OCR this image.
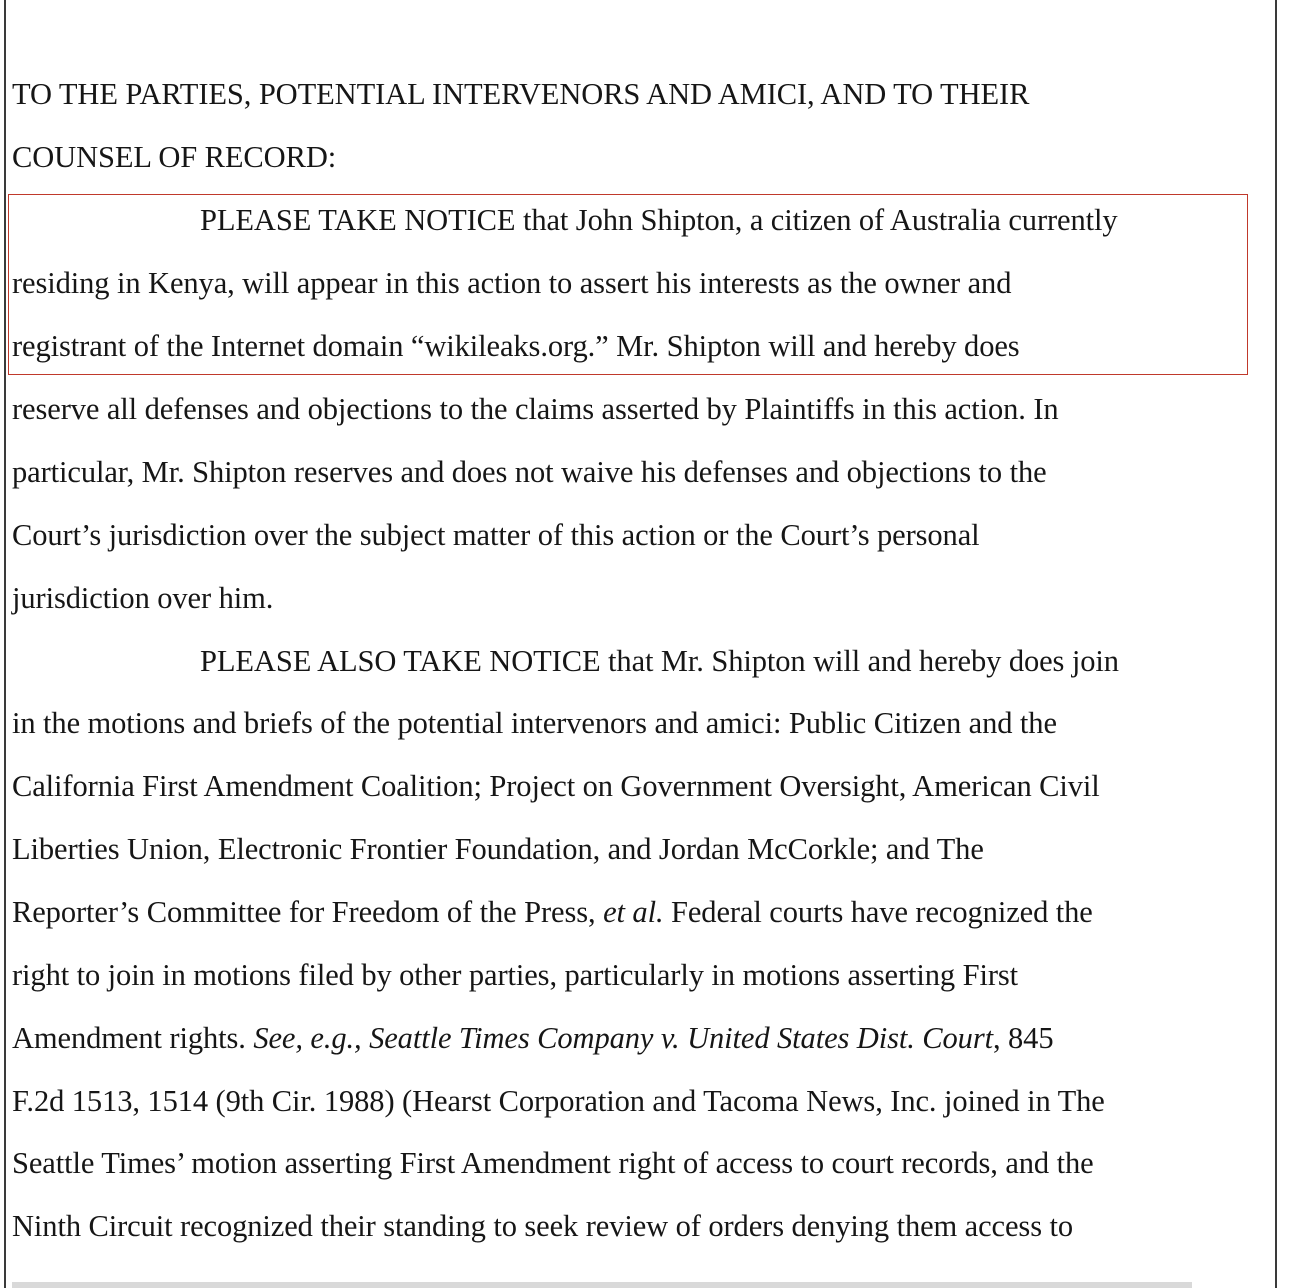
TO THE PARTIES, POTENTIAL INTERVENORS AND AMICI, AND TO THEIR
COUNSEL OF RECORD:
PLEASE TAKE NOTICE that John Shipton, a citizen of Australia currently
residing in Kenya, will appear in this action to assert his interests as the owner and
registrant of the Internet domain “wikileaks.org.” Mr. Shipton will and hereby does
reserve all defenses and objections to the claims asserted by Plaintiffs in this action. In
particular, Mr. Shipton reserves and does not waive his defenses and objections to the
Court’s jurisdiction over the subject matter of this action or the Court’s personal
jurisdiction over him.
PLEASE ALSO TAKE NOTICE that Mr. Shipton will and hereby does join
in the motions and briefs of the potential intervenors and amici: Public Citizen and the
California First Amendment Coalition; Project on Government Oversight, American Civil
Liberties Union, Electronic Frontier Foundation, and Jordan McCorkle; and The
Reporter’s Committee for Freedom of the Press, et al. Federal courts have recognized the
right to join in motions filed by other parties, particularly in motions asserting First
Amendment rights. See, e.g., Seattle Times Company v. United States Dist. Court, 845
F.2d 1513, 1514 (9th Cir. 1988) (Hearst Corporation and Tacoma News, Inc. joined in The
Seattle Times’ motion asserting First Amendment right of access to court records, and the
Ninth Circuit recognized their standing to seek review of orders denying them access to
